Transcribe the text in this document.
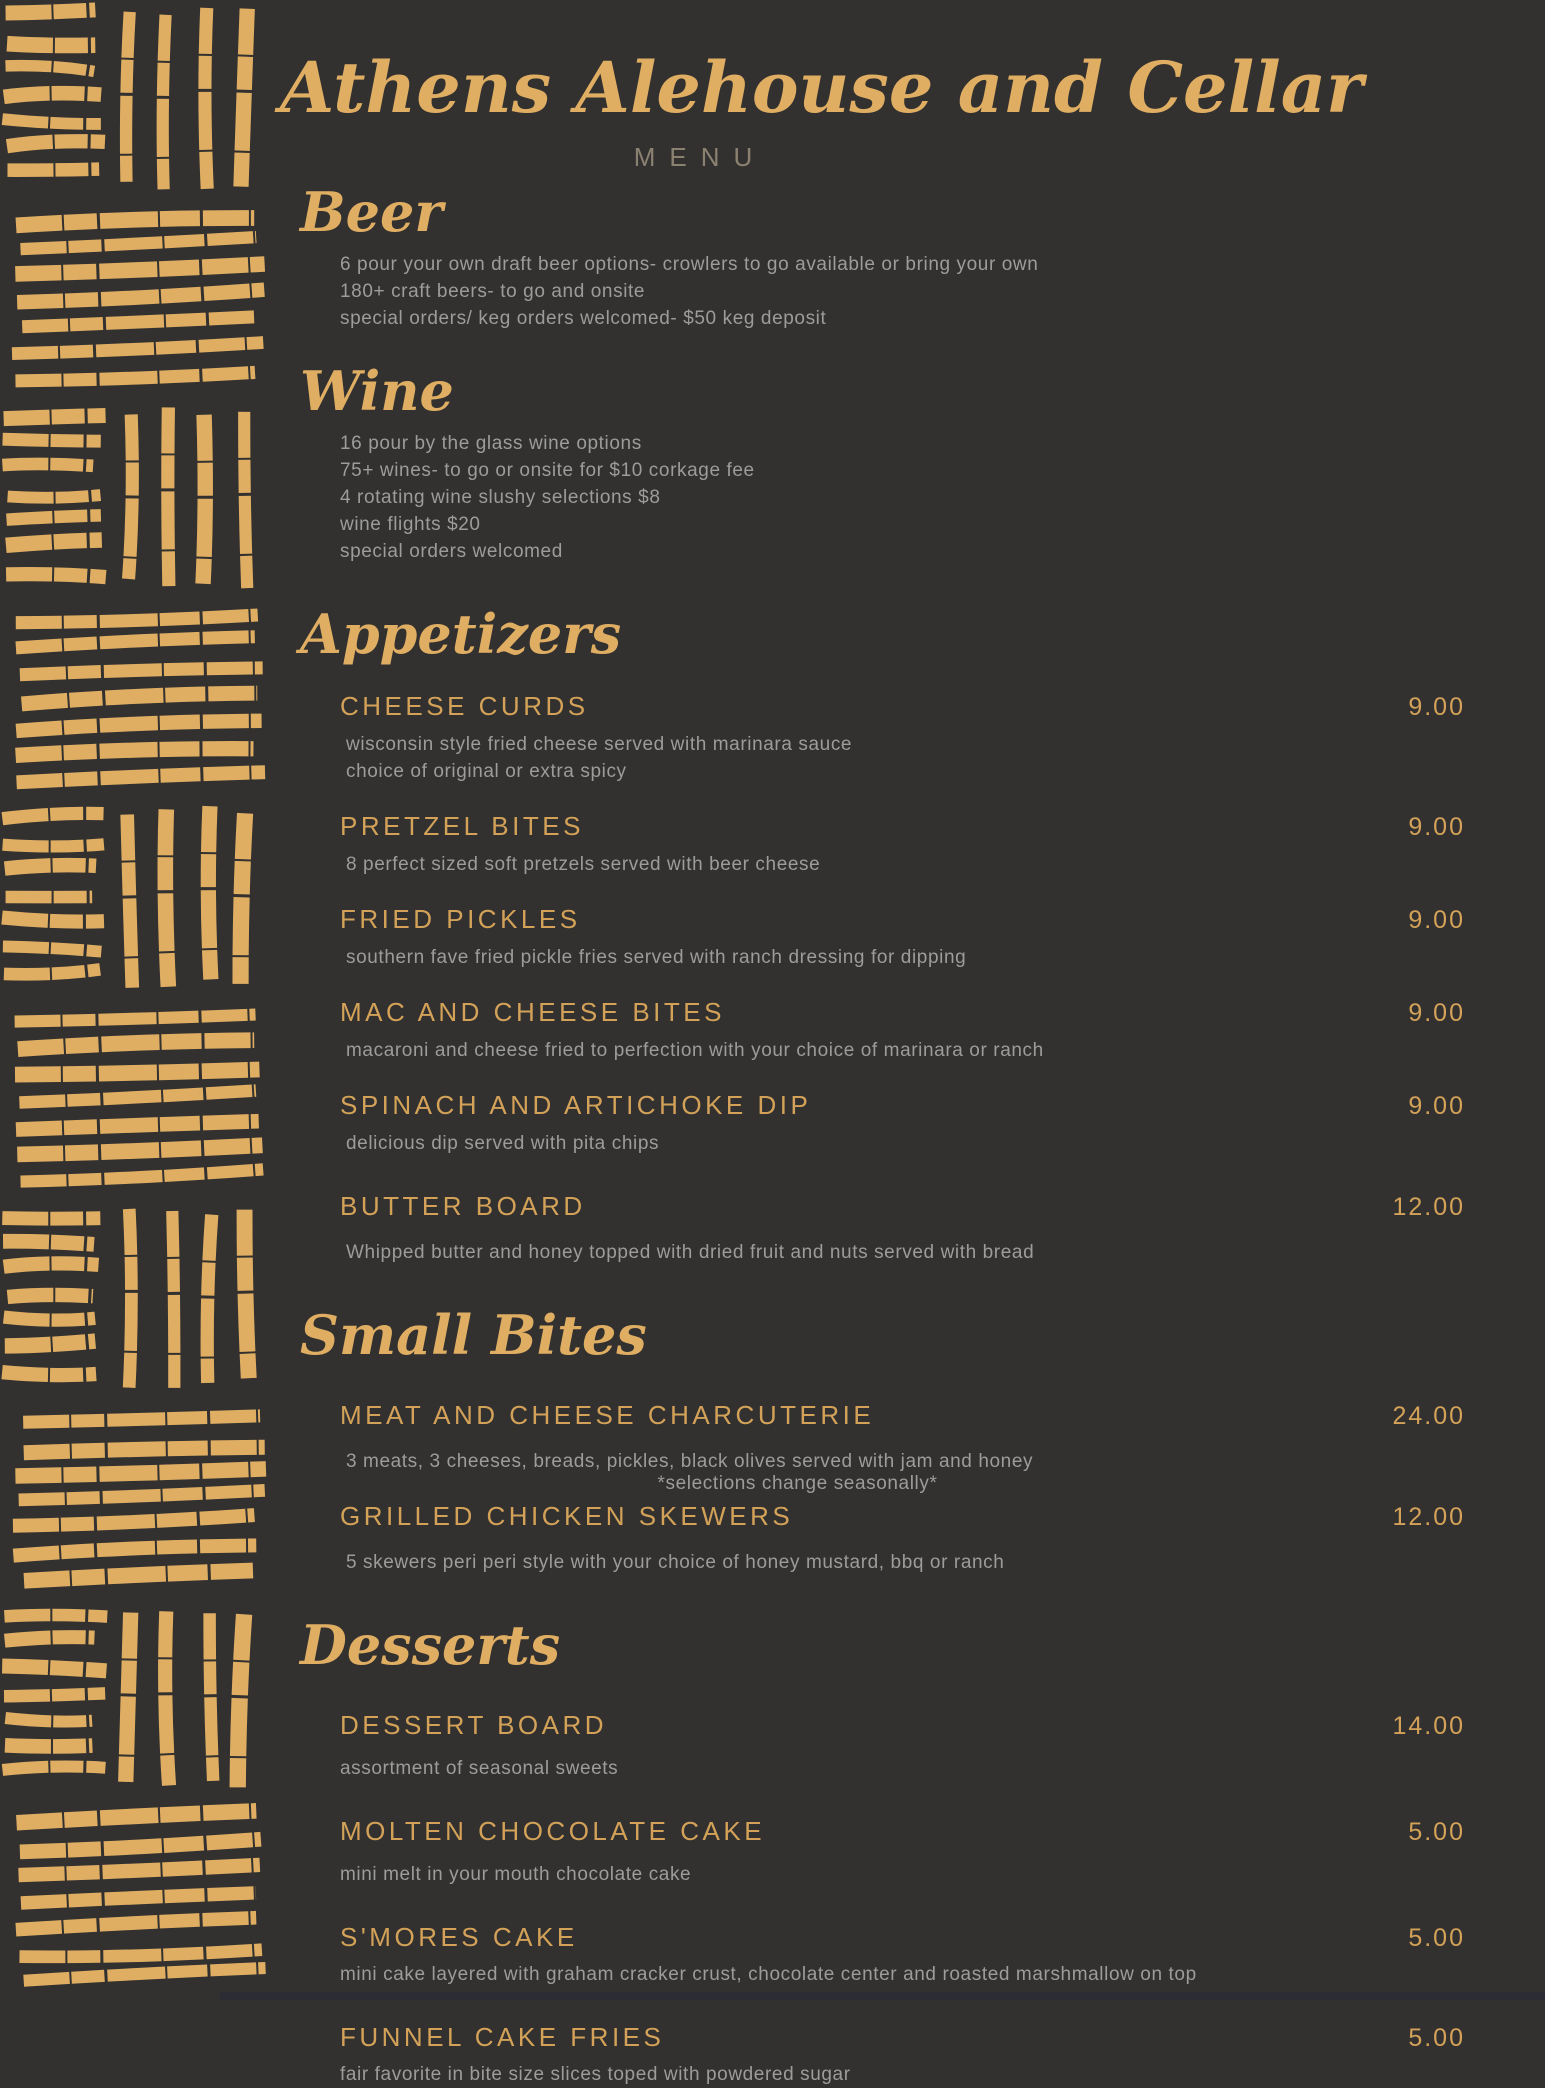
Athens Alehouse and Cellar
MENU
Beer

6 pour your own draft beer options- crowlers to go available or bring your own

180+ craft beers- to go and onsite

special orders/ keg orders welcomed- $50 keg deposit

Wine

16 pour by the glass wine options

75+ wines- to go or onsite for $10 corkage fee

4 rotating wine slushy selections $8

wine flights $20

special orders welcomed

Appetizers
CHEESE CURDS	9.00

wisconsin style fried cheese served with marinara sauce

choice of original or extra spicy

PRETZEL BITES	9.00

8 perfect sized soft pretzels served with beer cheese

FRIED PICKLES	9.00

southern fave fried pickle fries served with ranch dressing for dipping

MAC AND CHEESE BITES	9.00

macaroni and cheese fried to perfection with your choice of marinara or ranch

SPINACH AND ARTICHOKE DIP	9.00

delicious dip served with pita chips

BUTTER BOARD	12.00

Whipped butter and honey topped with dried fruit and nuts served with bread

Small Bites
MEAT AND CHEESE CHARCUTERIE	24.00

3 meats, 3 cheeses, breads, pickles, black olives served with jam and honey

*selections change seasonally*
GRILLED CHICKEN SKEWERS	12.00

5 skewers peri peri style with your choice of honey mustard, bbq or ranch

Desserts
DESSERT BOARD	14.00

assortment of seasonal sweets

MOLTEN CHOCOLATE CAKE	5.00

mini melt in your mouth chocolate cake

S'MORES CAKE	5.00

mini cake layered with graham cracker crust, chocolate center and roasted marshmallow on top

FUNNEL CAKE FRIES	5.00

fair favorite in bite size slices toped with powdered sugar
